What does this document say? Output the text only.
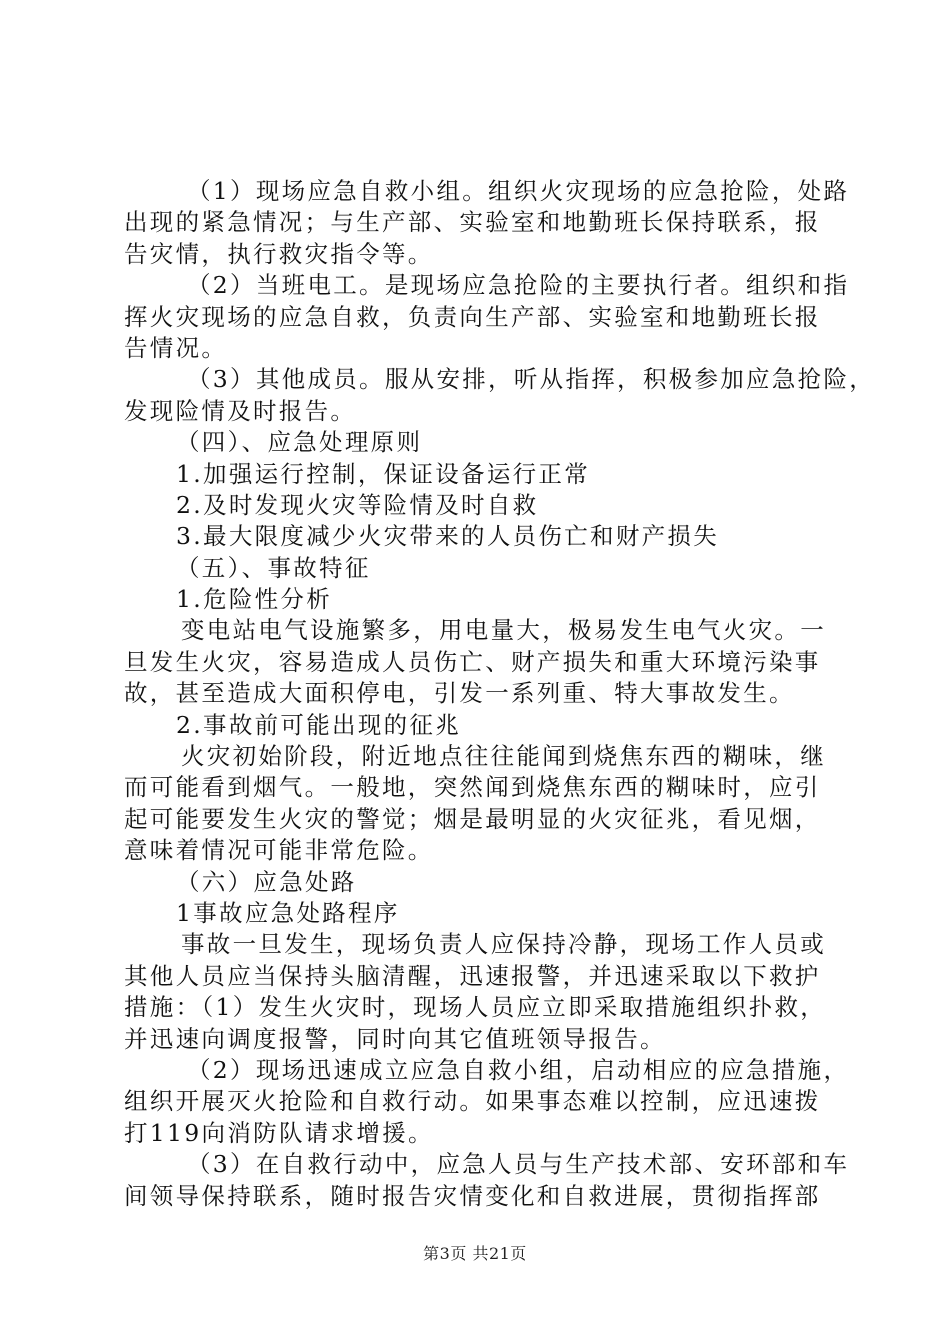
（1）现场应急自救小组。组织火灾现场的应急抢险，处路
出现的紧急情况；与生产部、实验室和地勤班长保持联系，报
告灾情，执行救灾指令等。
（2）当班电工。是现场应急抢险的主要执行者。组织和指
挥火灾现场的应急自救，负责向生产部、实验室和地勤班长报
告情况。
（3）其他成员。服从安排，听从指挥，积极参加应急抢险，
发现险情及时报告。
（四）、应急处理原则
1.加强运行控制，保证设备运行正常
2.及时发现火灾等险情及时自救
3.最大限度减少火灾带来的人员伤亡和财产损失
（五）、事故特征
1.危险性分析
变电站电气设施繁多，用电量大，极易发生电气火灾。一
旦发生火灾，容易造成人员伤亡、财产损失和重大环境污染事
故，甚至造成大面积停电，引发一系列重、特大事故发生。
2.事故前可能出现的征兆
火灾初始阶段，附近地点往往能闻到烧焦东西的糊味，继
而可能看到烟气。一般地，突然闻到烧焦东西的糊味时，应引
起可能要发生火灾的警觉；烟是最明显的火灾征兆，看见烟，
意味着情况可能非常危险。
（六）应急处路
1事故应急处路程序
事故一旦发生，现场负责人应保持冷静，现场工作人员或
其他人员应当保持头脑清醒，迅速报警，并迅速采取以下救护
措施：（1）发生火灾时，现场人员应立即采取措施组织扑救，
并迅速向调度报警，同时向其它值班领导报告。
（2）现场迅速成立应急自救小组，启动相应的应急措施，
组织开展灭火抢险和自救行动。如果事态难以控制，应迅速拨
打119向消防队请求增援。
（3）在自救行动中，应急人员与生产技术部、安环部和车
间领导保持联系，随时报告灾情变化和自救进展，贯彻指挥部
第3页 共21页
